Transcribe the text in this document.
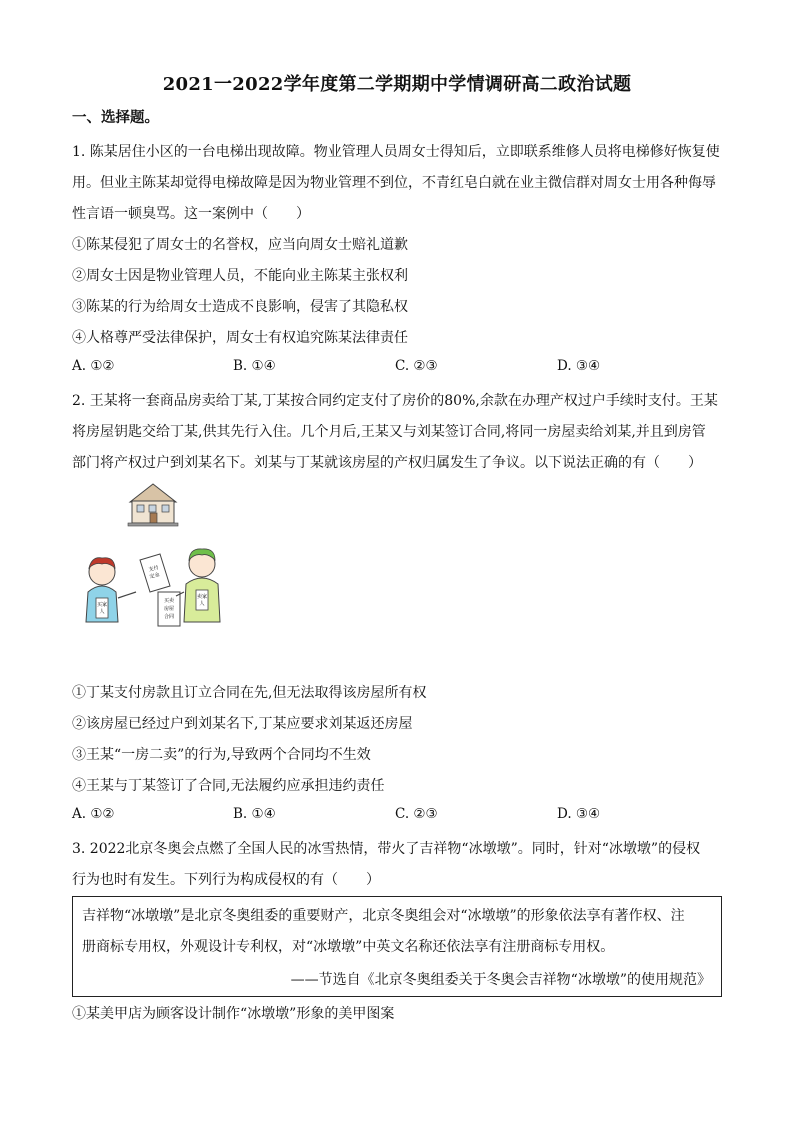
2021一2022学年度第二学期期中学情调研高二政治试题
一、选择题。
1. 陈某居住小区的一台电梯出现故障。物业管理人员周女士得知后，立即联系维修人员将电梯修好恢复使
用。但业主陈某却觉得电梯故障是因为物业管理不到位，不青红皂白就在业主微信群对周女士用各种侮辱
性言语一顿臭骂。这一案例中（　　）
①陈某侵犯了周女士的名誉权，应当向周女士赔礼道歉
②周女士因是物业管理人员，不能向业主陈某主张权利
③陈某的行为给周女士造成不良影响，侵害了其隐私权
④人格尊严受法律保护，周女士有权追究陈某法律责任
A. ①②	B. ①④	C. ②③	D. ③④
2. 王某将一套商品房卖给丁某,丁某按合同约定支付了房价的80%,余款在办理产权过户手续时支付。王某
将房屋钥匙交给丁某,供其先行入住。几个月后,王某又与刘某签订合同,将同一房屋卖给刘某,并且到房管
部门将产权过户到刘某名下。刘某与丁某就该房屋的产权归属发生了争议。以下说法正确的有（　　）
买家
人
支付
定金
买卖
房屋
合同
卖家
人
①丁某支付房款且订立合同在先,但无法取得该房屋所有权
②该房屋已经过户到刘某名下,丁某应要求刘某返还房屋
③王某“一房二卖”的行为,导致两个合同均不生效
④王某与丁某签订了合同,无法履约应承担违约责任
A. ①②	B. ①④	C. ②③	D. ③④
3. 2022北京冬奥会点燃了全国人民的冰雪热情，带火了吉祥物“冰墩墩”。同时，针对“冰墩墩”的侵权
行为也时有发生。下列行为构成侵权的有（　　）
吉祥物“冰墩墩”是北京冬奥组委的重要财产，北京冬奥组会对“冰墩墩”的形象依法享有著作权、注
册商标专用权，外观设计专利权，对“冰墩墩”中英文名称还依法享有注册商标专用权。
——节选自《北京冬奥组委关于冬奥会吉祥物“冰墩墩”的使用规范》
①某美甲店为顾客设计制作“冰墩墩”形象的美甲图案
